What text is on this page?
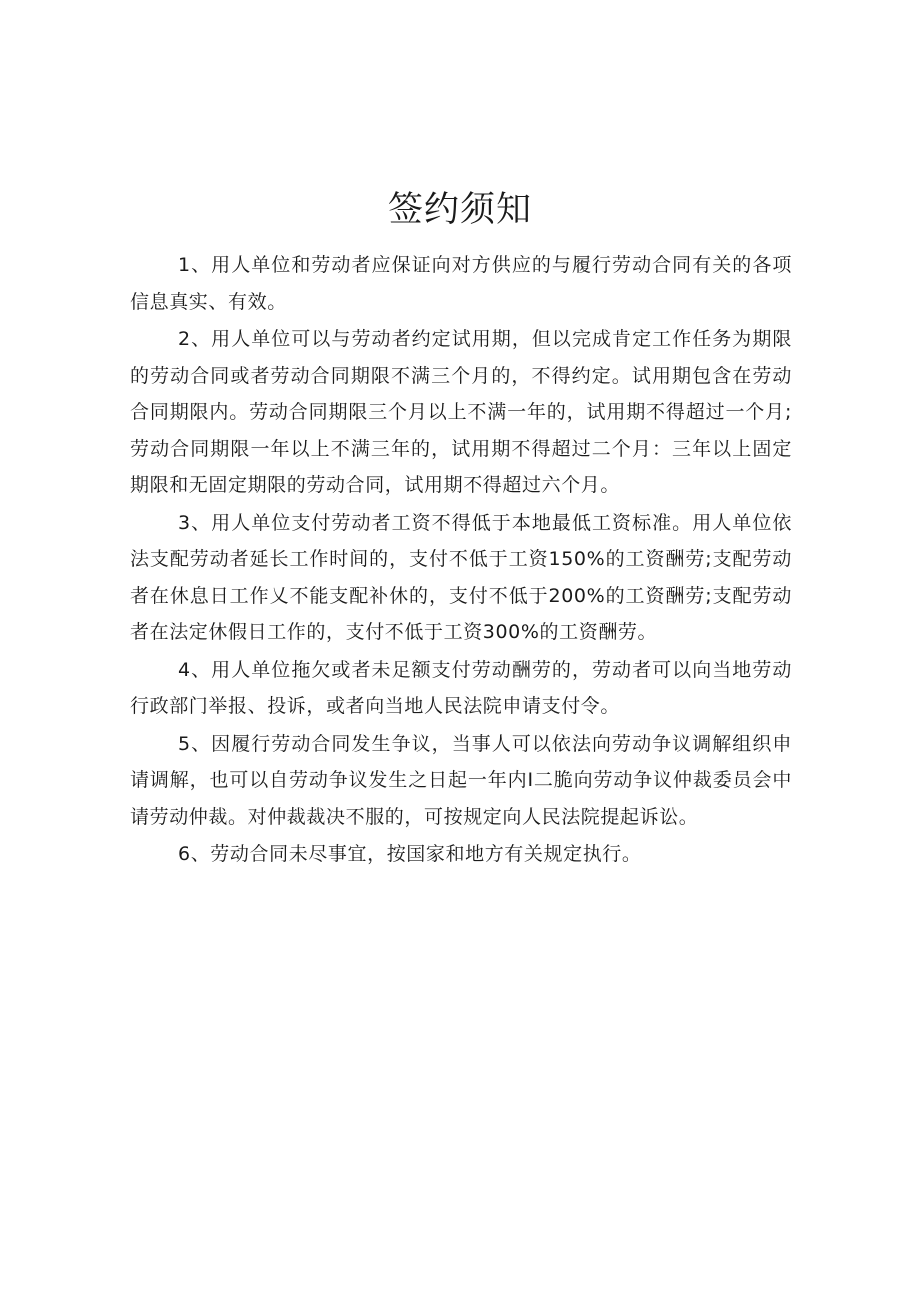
签约须知

1、用人单位和劳动者应保证向对方供应的与履行劳动合同有关的各项信息真实、有效。

2、用人单位可以与劳动者约定试用期，但以完成肯定工作任务为期限的劳动合同或者劳动合同期限不满三个月的，不得约定。试用期包含在劳动合同期限内。劳动合同期限三个月以上不满一年的，试用期不得超过一个月;劳动合同期限一年以上不满三年的，试用期不得超过二个月：三年以上固定期限和无固定期限的劳动合同，试用期不得超过六个月。

3、用人单位支付劳动者工资不得低于本地最低工资标准。用人单位依法支配劳动者延长工作时间的，支付不低于工资150%的工资酬劳;支配劳动者在休息日工作乂不能支配补休的，支付不低于200%的工资酬劳;支配劳动者在法定休假日工作的，支付不低于工资300%的工资酬劳。

4、用人单位拖欠或者未足额支付劳动酬劳的，劳动者可以向当地劳动行政部门举报、投诉，或者向当地人民法院申请支付令。

5、因履行劳动合同发生争议，当事人可以依法向劳动争议调解组织申请调解，也可以自劳动争议发生之日起一年内I二脆向劳动争议仲裁委员会中请劳动仲裁。对仲裁裁决不服的，可按规定向人民法院提起诉讼。

6、劳动合同未尽事宜，按国家和地方有关规定执行。
